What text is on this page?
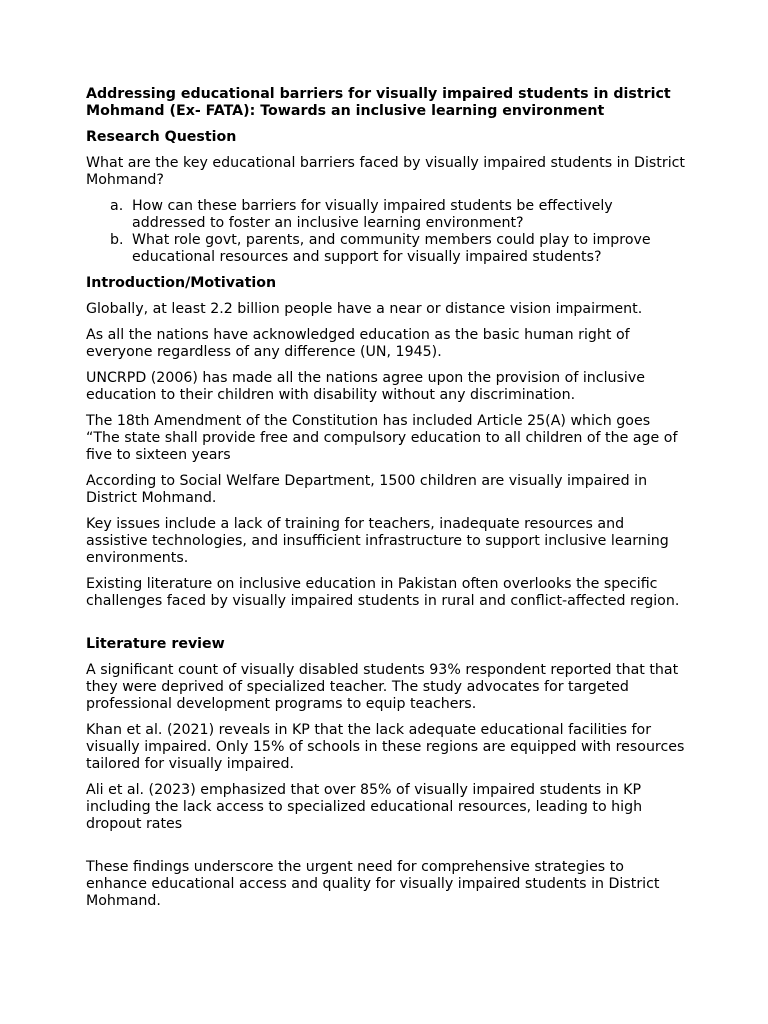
Addressing educational barriers for visually impaired students in district Mohmand (Ex- FATA): Towards an inclusive learning environment
Research Question

What are the key educational barriers faced by visually impaired students in District Mohmand?

a. How can these barriers for visually impaired students be effectively addressed to foster an inclusive learning environment?
b. What role govt, parents, and community members could play to improve educational resources and support for visually impaired students?
Introduction/Motivation

Globally, at least 2.2 billion people have a near or distance vision impairment.

As all the nations have acknowledged education as the basic human right of everyone regardless of any difference (UN, 1945).

UNCRPD (2006) has made all the nations agree upon the provision of inclusive education to their children with disability without any discrimination.

The 18th Amendment of the Constitution has included Article 25(A) which goes “The state shall provide free and compulsory education to all children of the age of five to sixteen years

According to Social Welfare Department, 1500 children are visually impaired in District Mohmand.

Key issues include a lack of training for teachers, inadequate resources and assistive technologies, and insufficient infrastructure to support inclusive learning environments.

Existing literature on inclusive education in Pakistan often overlooks the specific challenges faced by visually impaired students in rural and conflict-affected region.

Literature review

A significant count of visually disabled students 93% respondent reported that that they were deprived of specialized teacher. The study advocates for targeted professional development programs to equip teachers.

Khan et al. (2021) reveals in KP that the lack adequate educational facilities for visually impaired. Only 15% of schools in these regions are equipped with resources tailored for visually impaired.

Ali et al. (2023) emphasized that over 85% of visually impaired students in KP including the lack access to specialized educational resources, leading to high dropout rates

These findings underscore the urgent need for comprehensive strategies to enhance educational access and quality for visually impaired students in District Mohmand.
